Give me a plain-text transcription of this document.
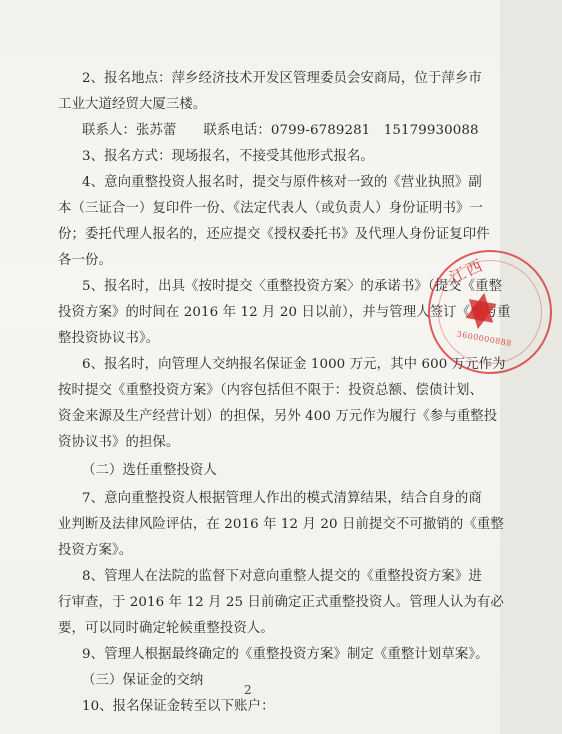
2、报名地点：萍乡经济技术开发区管理委员会安商局，位于萍乡市
工业大道经贸大厦三楼。
联系人：张苏蕾　　联系电话：0799-6789281　15179930088
3、报名方式：现场报名，不接受其他形式报名。
4、意向重整投资人报名时，提交与原件核对一致的《营业执照》副
本（三证合一）复印件一份、《法定代表人（或负责人）身份证明书》一
份；委托代理人报名的，还应提交《授权委托书》及代理人身份证复印件
各一份。
5、报名时，出具《按时提交〈重整投资方案〉的承诺书》（提交《重整
投资方案》的时间在 2016 年 12 月 20 日以前），并与管理人签订《参与重
整投资协议书》。
6、报名时，向管理人交纳报名保证金 1000 万元，其中 600 万元作为
按时提交《重整投资方案》（内容包括但不限于：投资总额、偿债计划、
资金来源及生产经营计划）的担保，另外 400 万元作为履行《参与重整投
资协议书》的担保。
（二）选任重整投资人
7、意向重整投资人根据管理人作出的模式清算结果，结合自身的商
业判断及法律风险评估，在 2016 年 12 月 20 日前提交不可撤销的《重整
投资方案》。
8、管理人在法院的监督下对意向重整人提交的《重整投资方案》进
行审查，于 2016 年 12 月 25 日前确定正式重整投资人。管理人认为有必
要，可以同时确定轮候重整投资人。
9、管理人根据最终确定的《重整投资方案》制定《重整计划草案》。
（三）保证金的交纳
10、报名保证金转至以下账户：
2
江西
3600000888
